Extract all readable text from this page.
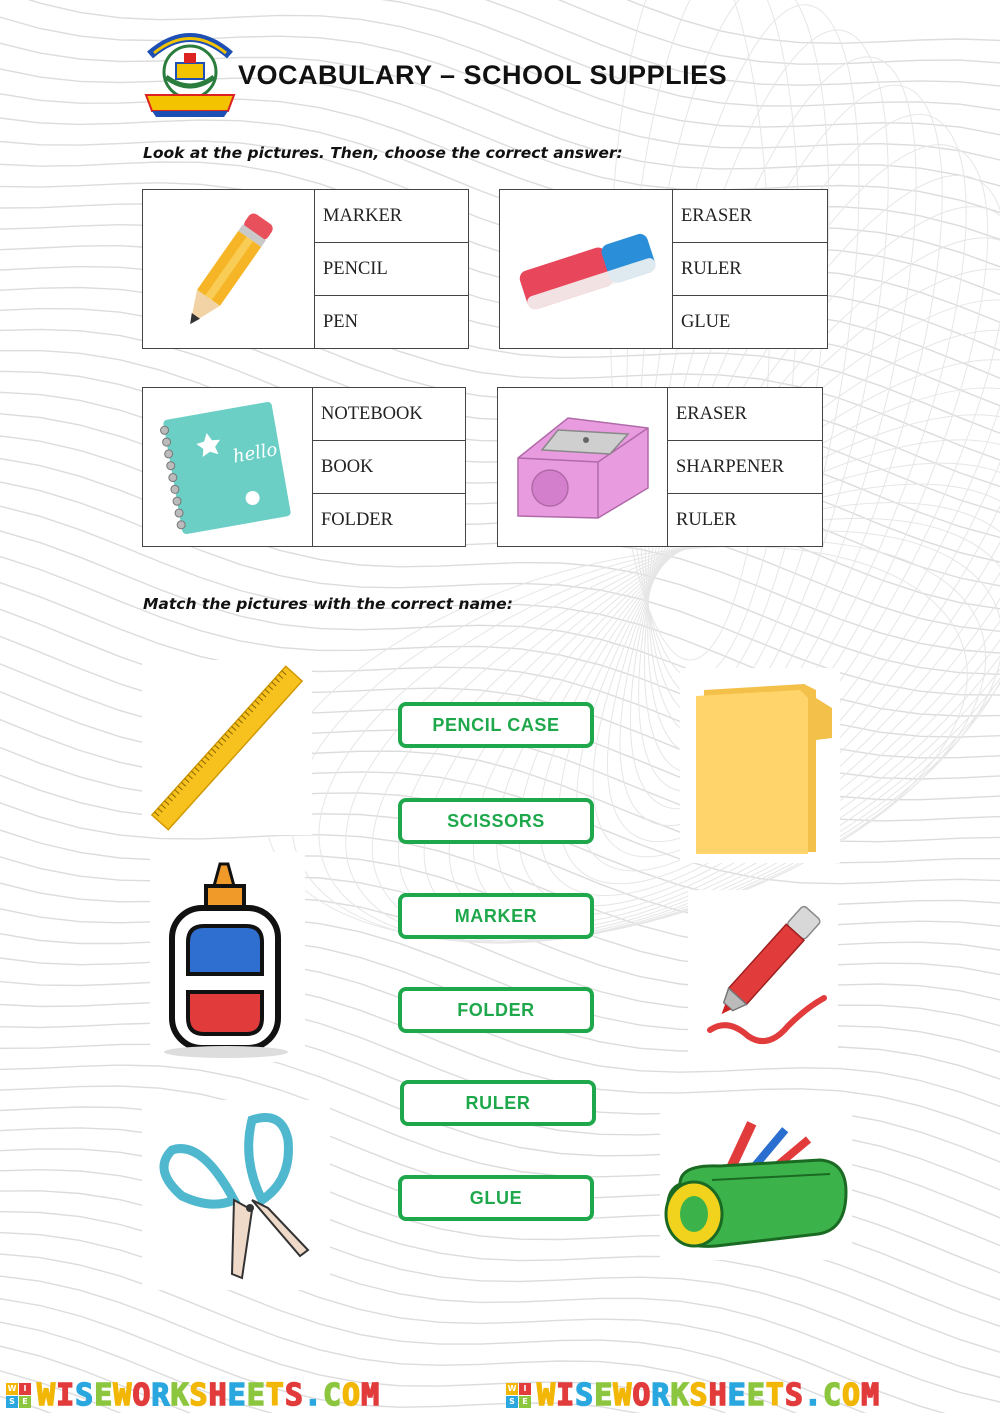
VOCABULARY – SCHOOL SUPPLIES
Look at the pictures. Then, choose the correct answer:
MARKER
PENCIL
PEN
ERASER
RULER
GLUE
hello
NOTEBOOK
BOOK
FOLDER
ERASER
SHARPENER
RULER
Match the pictures with the correct name:
PENCIL CASE
SCISSORS
MARKER
FOLDER
RULER
GLUE
W I
S E WISEWORKSHEETS.COM	W I
S E WISEWORKSHEETS.COM
